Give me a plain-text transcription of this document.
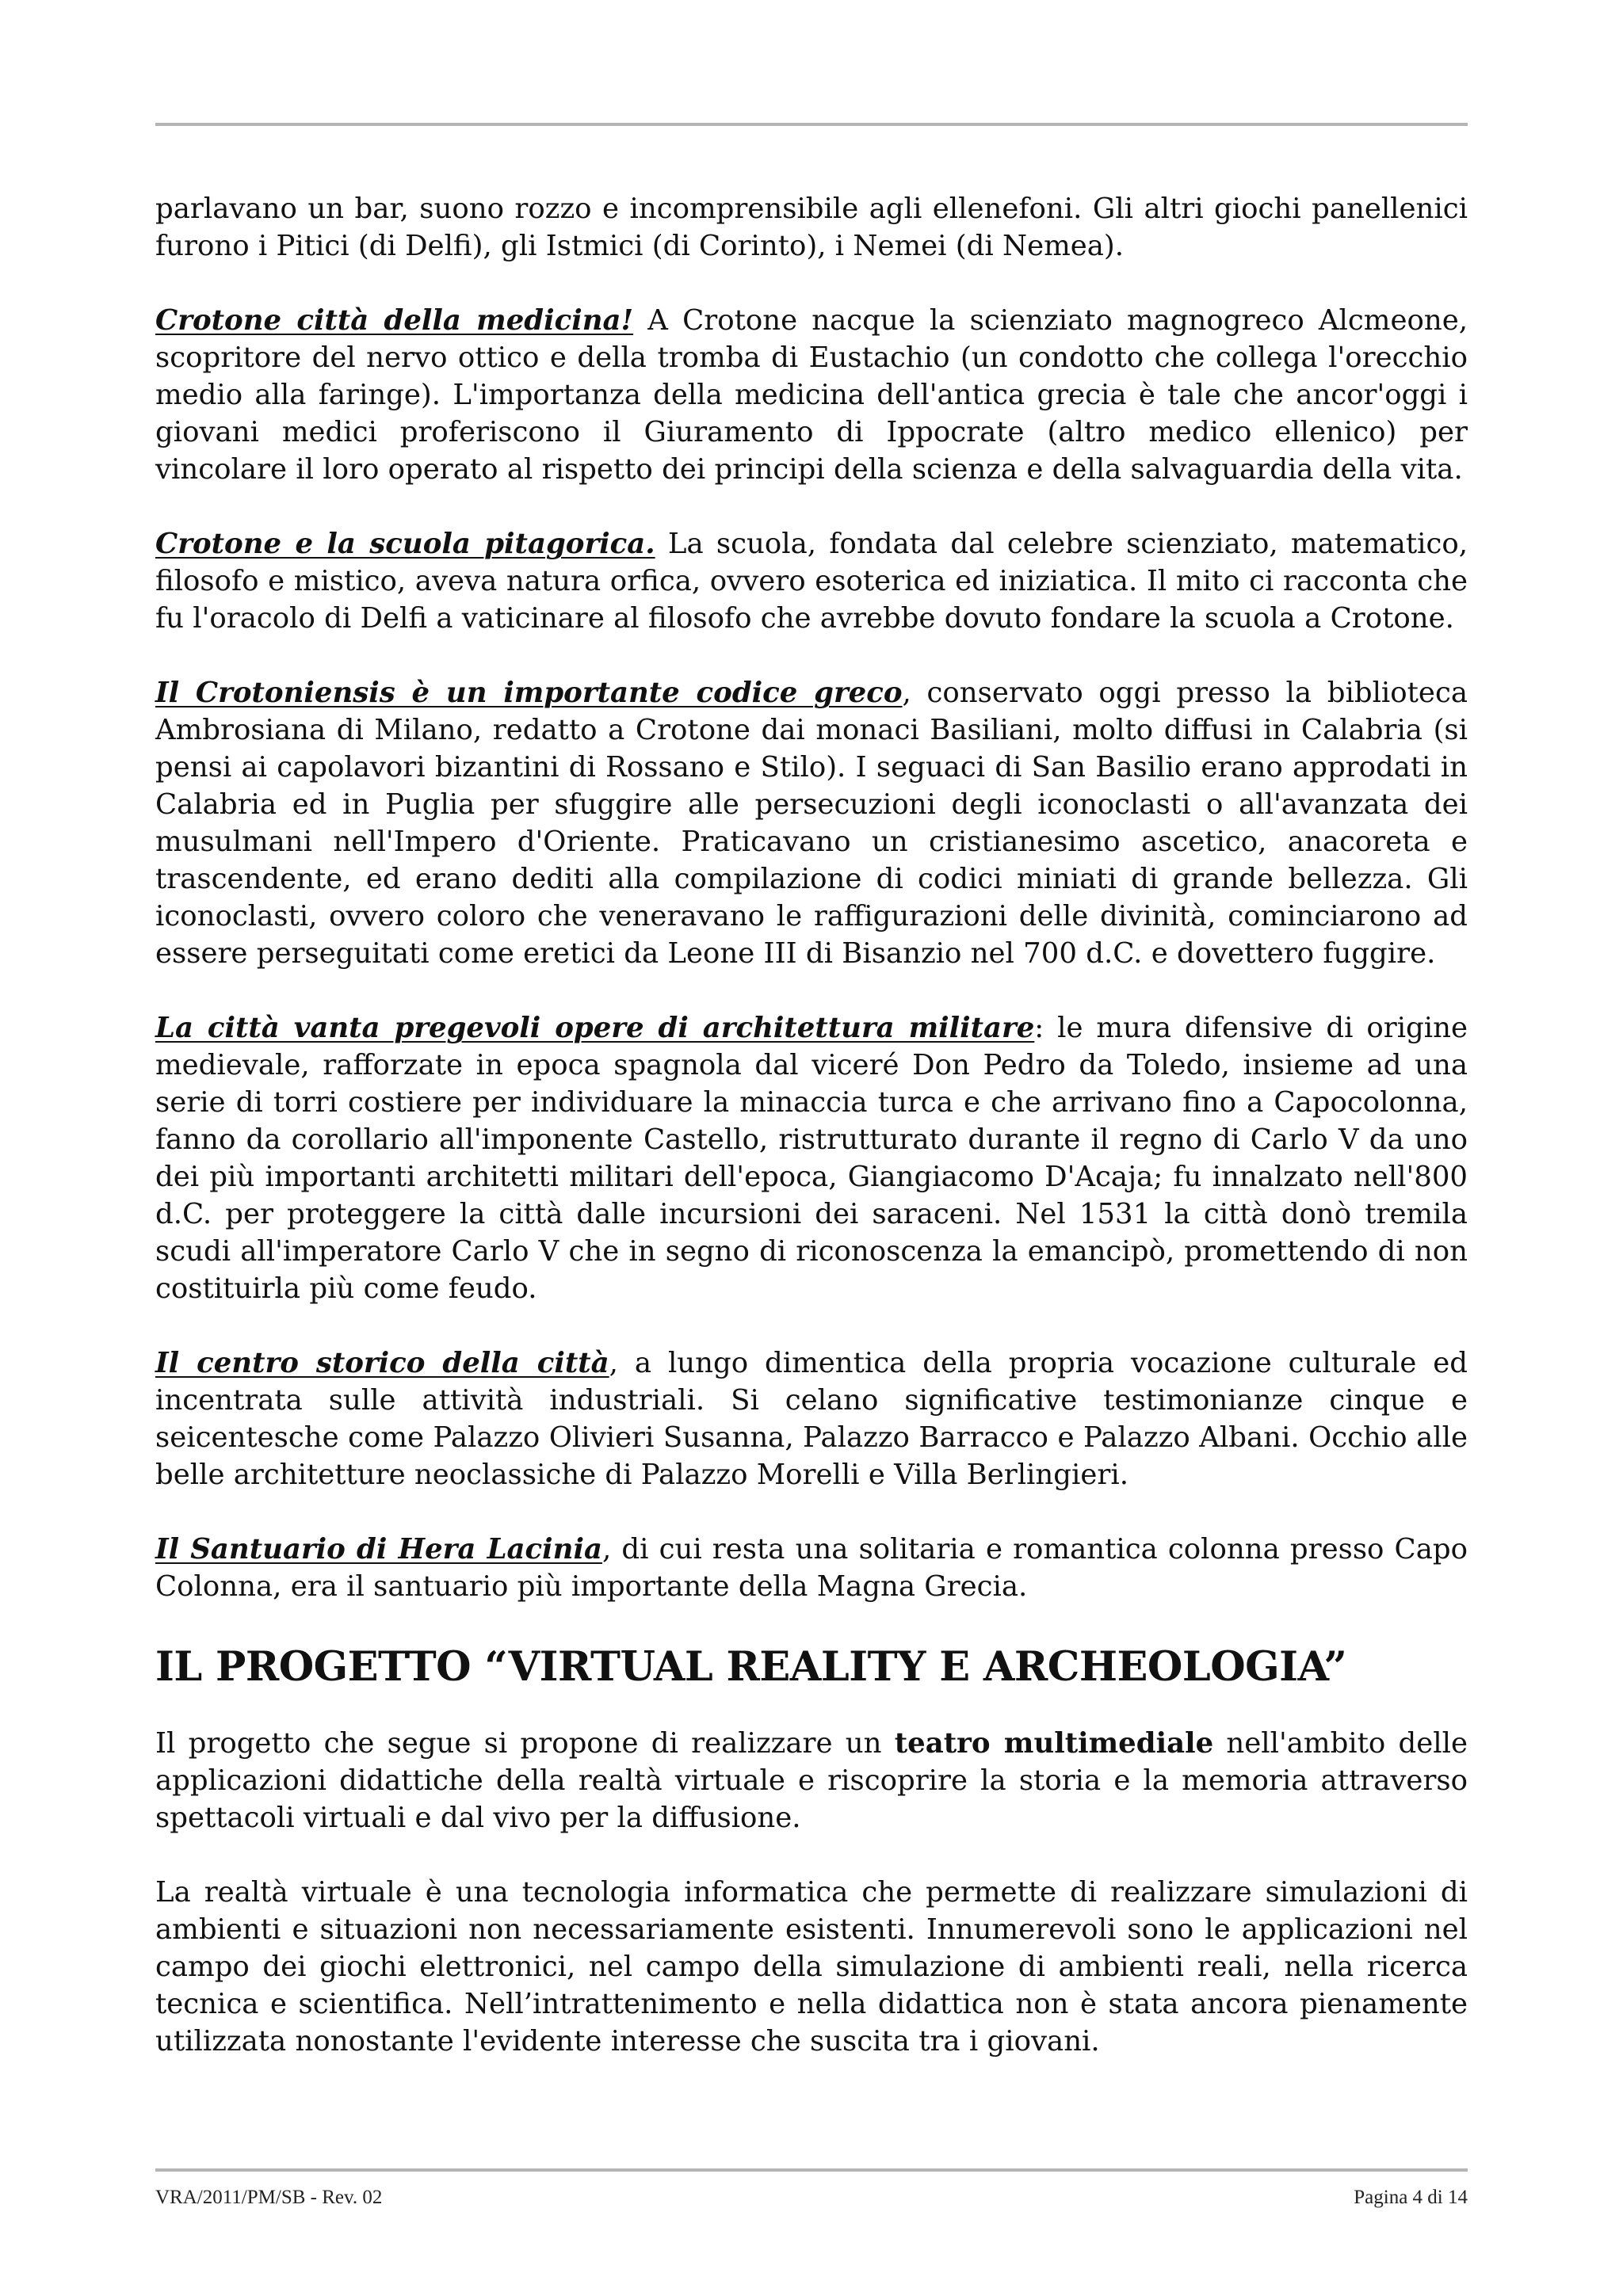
parlavano un bar, suono rozzo e incomprensibile agli ellenefoni. Gli altri giochi panellenici furono i Pitici (di Delfi), gli Istmici (di Corinto), i Nemei (di Nemea).

Crotone città della medicina! A Crotone nacque la scienziato magnogreco Alcmeone, scopritore del nervo ottico e della tromba di Eustachio (un condotto che collega l'orecchio medio alla faringe). L'importanza della medicina dell'antica grecia è tale che ancor'oggi i giovani medici proferiscono il Giuramento di Ippocrate (altro medico ellenico) per vincolare il loro operato al rispetto dei principi della scienza e della salvaguardia della vita.

Crotone e la scuola pitagorica. La scuola, fondata dal celebre scienziato, matematico, filosofo e mistico, aveva natura orfica, ovvero esoterica ed iniziatica. Il mito ci racconta che fu l'oracolo di Delfi a vaticinare al filosofo che avrebbe dovuto fondare la scuola a Crotone.

Il Crotoniensis è un importante codice greco, conservato oggi presso la biblioteca Ambrosiana di Milano, redatto a Crotone dai monaci Basiliani, molto diffusi in Calabria (si pensi ai capolavori bizantini di Rossano e Stilo). I seguaci di San Basilio erano approdati in Calabria ed in Puglia per sfuggire alle persecuzioni degli iconoclasti o all'avanzata dei musulmani nell'Impero d'Oriente. Praticavano un cristianesimo ascetico, anacoreta e trascendente, ed erano dediti alla compilazione di codici miniati di grande bellezza. Gli iconoclasti, ovvero coloro che veneravano le raffigurazioni delle divinità, cominciarono ad essere perseguitati come eretici da Leone III di Bisanzio nel 700 d.C. e dovettero fuggire.

La città vanta pregevoli opere di architettura militare: le mura difensive di origine medievale, rafforzate in epoca spagnola dal viceré Don Pedro da Toledo, insieme ad una serie di torri costiere per individuare la minaccia turca e che arrivano fino a Capocolonna, fanno da corollario all'imponente Castello, ristrutturato durante il regno di Carlo V da uno dei più importanti architetti militari dell'epoca, Giangiacomo D'Acaja; fu innalzato nell'800 d.C. per proteggere la città dalle incursioni dei saraceni. Nel 1531 la città donò tremila scudi all'imperatore Carlo V che in segno di riconoscenza la emancipò, promettendo di non costituirla più come feudo.

Il centro storico della città, a lungo dimentica della propria vocazione culturale ed incentrata sulle attività industriali. Si celano significative testimonianze cinque e seicentesche come Palazzo Olivieri Susanna, Palazzo Barracco e Palazzo Albani. Occhio alle belle architetture neoclassiche di Palazzo Morelli e Villa Berlingieri.

Il Santuario di Hera Lacinia, di cui resta una solitaria e romantica colonna presso Capo Colonna, era il santuario più importante della Magna Grecia.

IL PROGETTO “VIRTUAL REALITY E ARCHEOLOGIA”

Il progetto che segue si propone di realizzare un teatro multimediale nell'ambito delle applicazioni didattiche della realtà virtuale e riscoprire la storia e la memoria attraverso spettacoli virtuali e dal vivo per la diffusione.

La realtà virtuale è una tecnologia informatica che permette di realizzare simulazioni di ambienti e situazioni non necessariamente esistenti. Innumerevoli sono le applicazioni nel campo dei giochi elettronici, nel campo della simulazione di ambienti reali, nella ricerca tecnica e scientifica. Nell’intrattenimento e nella didattica non è stata ancora pienamente utilizzata nonostante l'evidente interesse che suscita tra i giovani.

VRA/2011/PM/SB - Rev. 02	Pagina 4 di 14
